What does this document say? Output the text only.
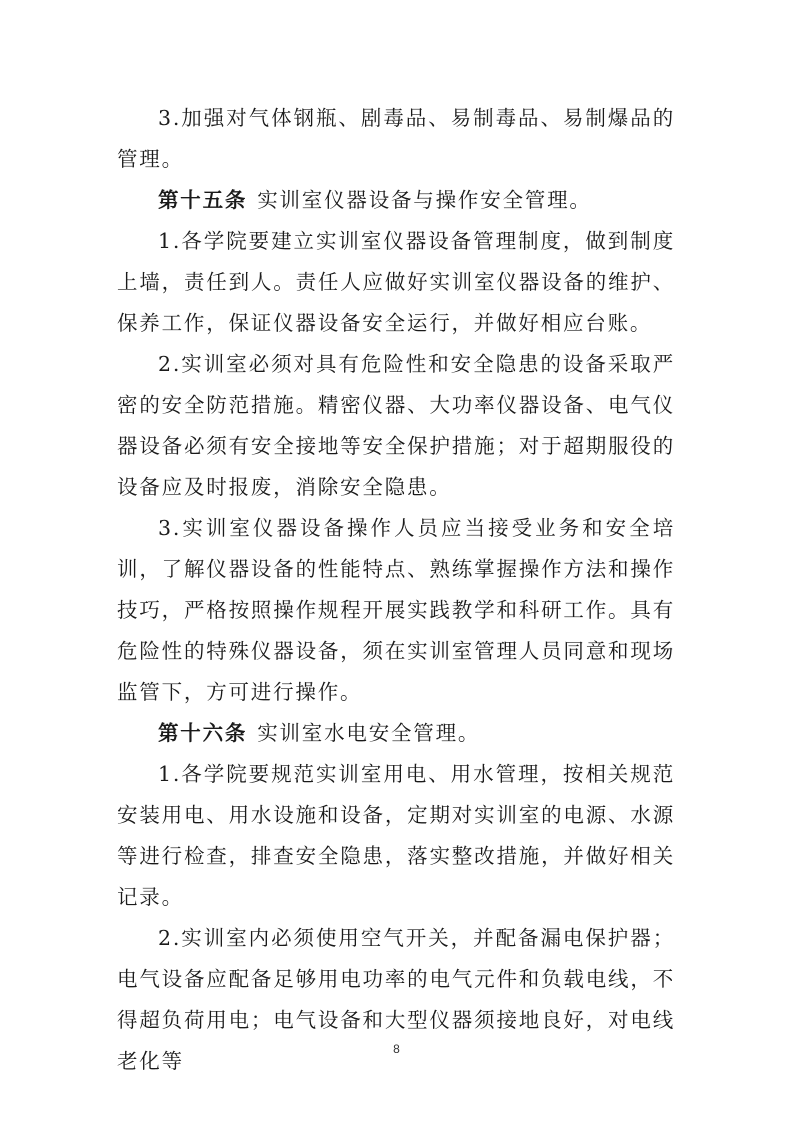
3.加强对气体钢瓶、剧毒品、易制毒品、易制爆品的管理。

第十五条 实训室仪器设备与操作安全管理。

1.各学院要建立实训室仪器设备管理制度，做到制度上墙，责任到人。责任人应做好实训室仪器设备的维护、保养工作，保证仪器设备安全运行，并做好相应台账。

2.实训室必须对具有危险性和安全隐患的设备采取严密的安全防范措施。精密仪器、大功率仪器设备、电气仪器设备必须有安全接地等安全保护措施；对于超期服役的设备应及时报废，消除安全隐患。

3.实训室仪器设备操作人员应当接受业务和安全培训，了解仪器设备的性能特点、熟练掌握操作方法和操作技巧，严格按照操作规程开展实践教学和科研工作。具有危险性的特殊仪器设备，须在实训室管理人员同意和现场监管下，方可进行操作。

第十六条 实训室水电安全管理。

1.各学院要规范实训室用电、用水管理，按相关规范安装用电、用水设施和设备，定期对实训室的电源、水源等进行检查，排查安全隐患，落实整改措施，并做好相关记录。

2.实训室内必须使用空气开关，并配备漏电保护器；电气设备应配备足够用电功率的电气元件和负载电线，不得超负荷用电；电气设备和大型仪器须接地良好，对电线老化等	8
